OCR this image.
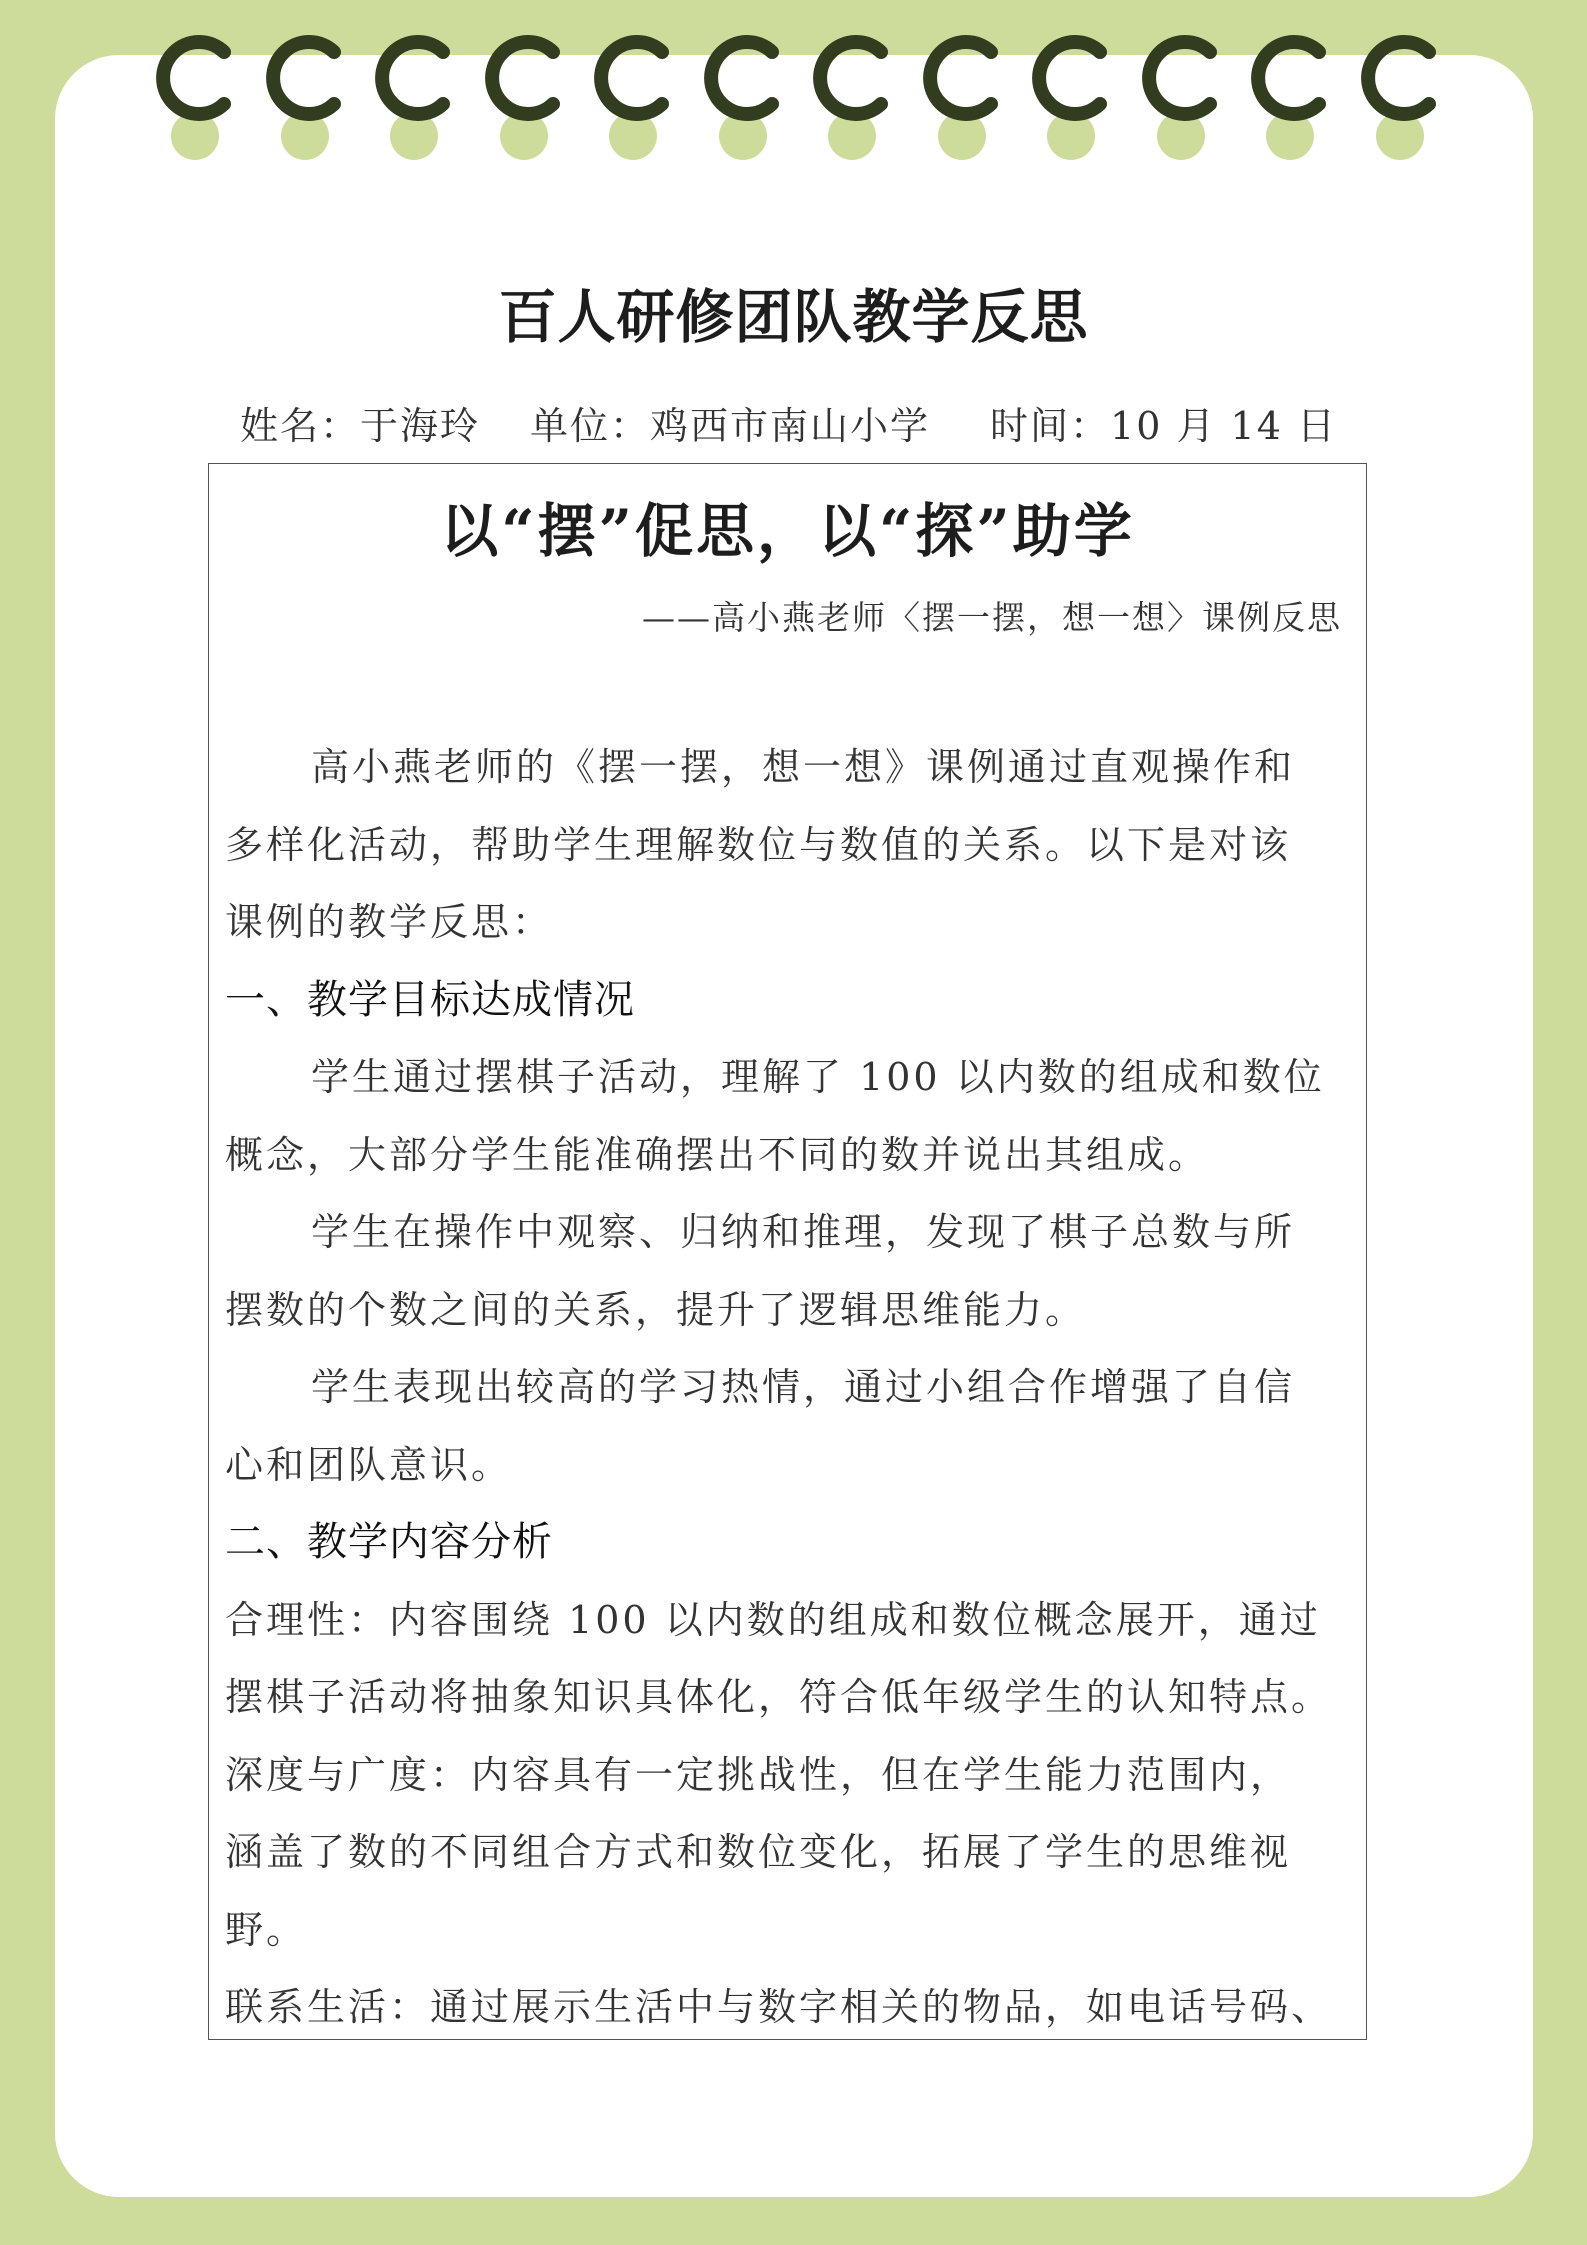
百人研修团队教学反思
姓名：于海玲 单位：鸡西市南山小学 时间：10 月 14 日
以“摆”促思，以“探”助学
——高小燕老师〈摆一摆，想一想〉课例反思
高小燕老师的《摆一摆，想一想》课例通过直观操作和
多样化活动，帮助学生理解数位与数值的关系。以下是对该
课例的教学反思：
一、教学目标达成情况
学生通过摆棋子活动，理解了 100 以内数的组成和数位
概念，大部分学生能准确摆出不同的数并说出其组成。
学生在操作中观察、归纳和推理，发现了棋子总数与所
摆数的个数之间的关系，提升了逻辑思维能力。
学生表现出较高的学习热情，通过小组合作增强了自信
心和团队意识。
二、教学内容分析
合理性：内容围绕 100 以内数的组成和数位概念展开，通过
摆棋子活动将抽象知识具体化，符合低年级学生的认知特点。
深度与广度：内容具有一定挑战性，但在学生能力范围内，
涵盖了数的不同组合方式和数位变化，拓展了学生的思维视
野。
联系生活：通过展示生活中与数字相关的物品，如电话号码、
